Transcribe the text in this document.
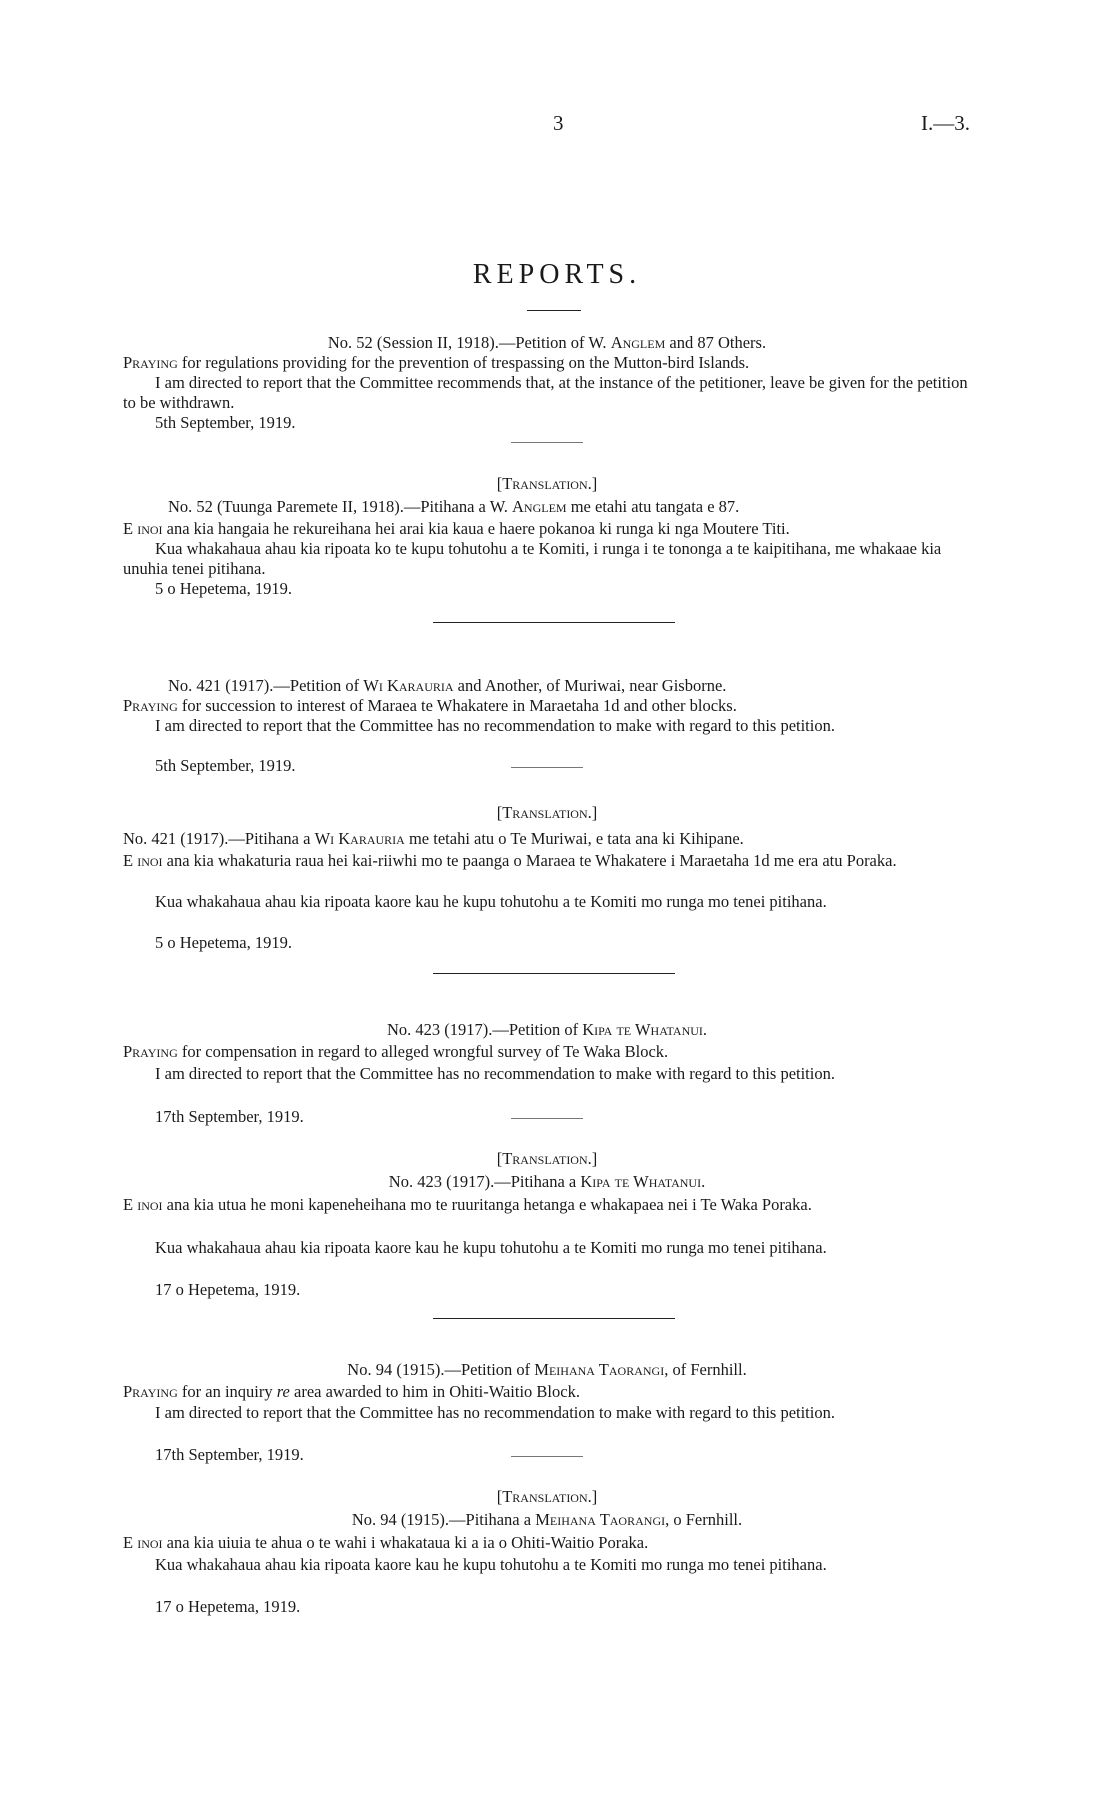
3	I.—3.
REPORTS.
No. 52 (Session II, 1918).—Petition of W. Anglem and 87 Others.
Praying for regulations providing for the prevention of trespassing on the Mutton-bird Islands.
I am directed to report that the Committee recommends that, at the instance of the petitioner, leave be given for the petition to be withdrawn.
5th September, 1919.
[Translation.]
No. 52 (Tuunga Paremete II, 1918).—Pitihana a W. Anglem me etahi atu tangata e 87.
E inoi ana kia hangaia he rekureihana hei arai kia kaua e haere pokanoa ki runga ki nga Moutere Titi.
Kua whakahaua ahau kia ripoata ko te kupu tohutohu a te Komiti, i runga i te tononga a te kaipitihana, me whakaae kia unuhia tenei pitihana.
5 o Hepetema, 1919.
No. 421 (1917).—Petition of Wi Karauria and Another, of Muriwai, near Gisborne.
Praying for succession to interest of Maraea te Whakatere in Maraetaha 1d and other blocks.
I am directed to report that the Committee has no recommendation to make with regard to this petition.
5th September, 1919.
[Translation.]
No. 421 (1917).—Pitihana a Wi Karauria me tetahi atu o Te Muriwai, e tata ana ki Kihipane.
E inoi ana kia whakaturia raua hei kai-riiwhi mo te paanga o Maraea te Whakatere i Maraetaha 1d me era atu Poraka.
Kua whakahaua ahau kia ripoata kaore kau he kupu tohutohu a te Komiti mo runga mo tenei pitihana.
5 o Hepetema, 1919.
No. 423 (1917).—Petition of Kipa te Whatanui.
Praying for compensation in regard to alleged wrongful survey of Te Waka Block.
I am directed to report that the Committee has no recommendation to make with regard to this petition.
17th September, 1919.
[Translation.]
No. 423 (1917).—Pitihana a Kipa te Whatanui.
E inoi ana kia utua he moni kapeneheihana mo te ruuritanga hetanga e whakapaea nei i Te Waka Poraka.
Kua whakahaua ahau kia ripoata kaore kau he kupu tohutohu a te Komiti mo runga mo tenei pitihana.
17 o Hepetema, 1919.
No. 94 (1915).—Petition of Meihana Taorangi, of Fernhill.
Praying for an inquiry re area awarded to him in Ohiti-Waitio Block.
I am directed to report that the Committee has no recommendation to make with regard to this petition.
17th September, 1919.
[Translation.]
No. 94 (1915).—Pitihana a Meihana Taorangi, o Fernhill.
E inoi ana kia uiuia te ahua o te wahi i whakataua ki a ia o Ohiti-Waitio Poraka.
Kua whakahaua ahau kia ripoata kaore kau he kupu tohutohu a te Komiti mo runga mo tenei pitihana.
17 o Hepetema, 1919.
